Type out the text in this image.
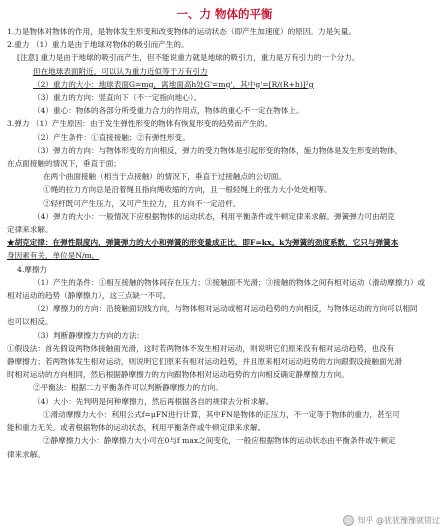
一、力 物体的平衡
1.力是物体对物体的作用，是物体发生形变和改变物体的运动状态（即产生加速度）的原因。力是矢量。
2.重力 （1）重力是由于地球对物体的吸引而产生的。
[注意] 重力是由于地球的吸引而产生，但不能说重力就是地球的吸引力，重力是万有引力的一个分力。
但在地球表面附近，可以认为重力近似等于万有引力
（2）重力的大小：地球表面G=mg，离地面高h处G'=mg'，其中g'=[R/(R+h)]²g
（3）重力的方向：竖直向下（不一定指向地心）。
（4）重心：物体的各部分所受重力合力的作用点，物体的重心不一定在物体上。
3.弹力 （1）产生原因：由于发生弹性形变的物体有恢复形变的趋势而产生的。
（2）产生条件：①直接接触；②有弹性形变。
（3）弹力的方向：与物体形变的方向相反，弹力的受力物体是引起形变的物体，施力物体是发生形变的物体，
在点面接触的情况下，垂直于面；
在两个曲面接触（相当于点接触）的情况下，垂直于过接触点的公切面。
①绳的拉力方向总是沿着绳且指向绳收缩的方向，且一根轻绳上的张力大小处处相等。
②轻杆既可产生压力，又可产生拉力，且方向不一定沿杆。
（4）弹力的大小：一般情况下应根据物体的运动状态，利用平衡条件或牛顿定律来求解。弹簧弹力可由胡克
定律来求解。
★胡克定律：在弹性限度内，弹簧弹力的大小和弹簧的形变量成正比，即F=kx。k为弹簧的劲度系数，它只与弹簧本
身因素有关，单位是N/m。
4.摩擦力
（1）产生的条件：①相互接触的物体间存在压力；③接触面不光滑；③接触的物体之间有相对运动（滑动摩擦力）或
相对运动的趋势（静摩擦力），这三点缺一不可。
（2）摩擦力的方向：沿接触面切线方向，与物体相对运动或相对运动趋势的方向相反，与物体运动的方向可以相同
也可以相反。
（3）判断静摩擦力方向的方法：
①假设法：首先假设两物体接触面光滑，这时若两物体不发生相对运动，则说明它们原来没有相对运动趋势，也没有
静摩擦力；若两物体发生相对运动，则说明它们原来有相对运动趋势，并且原来相对运动趋势的方向跟假设接触面光滑
时相对运动的方向相同，然后根据静摩擦力的方向跟物体相对运动趋势的方向相反确定静摩擦力方向。
②平衡法：根据二力平衡条件可以判断静摩擦力的方向。
（4）大小：先判明是何种摩擦力，然后再根据各自的规律去分析求解。
①滑动摩擦力大小：利用公式f=μFN进行计算，其中FN是物体的正压力，不一定等于物体的重力，甚至可
能和重力无关。或者根据物体的运动状态，利用平衡条件或牛顿定律来求解。
②静摩擦力大小：静摩擦力大小可在0与f max之间变化，一般应根据物体的运动状态由平衡条件或牛顿定
律来求解。
知乎 @犹犹豫豫就错过
